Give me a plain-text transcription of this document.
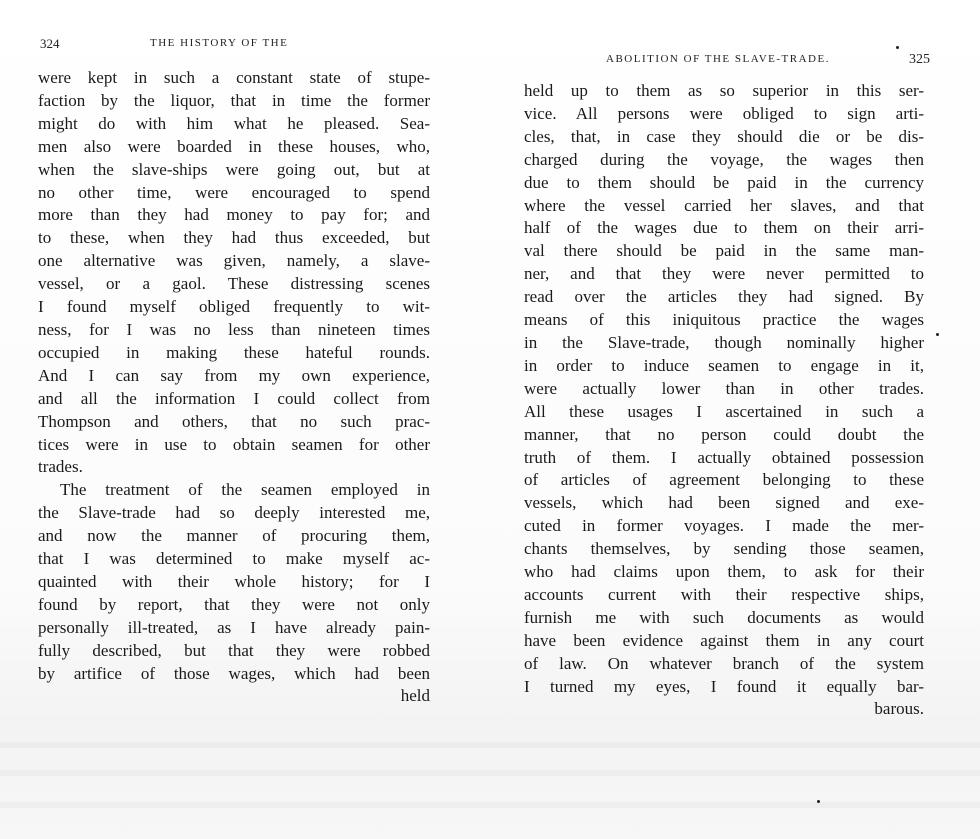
324	THE HISTORY OF THE
were kept in such a constant state of stupe-
faction by the liquor, that in time the former
might do with him what he pleased. Sea-
men also were boarded in these houses, who,
when the slave-ships were going out, but at
no other time, were encouraged to spend
more than they had money to pay for; and
to these, when they had thus exceeded, but
one alternative was given, namely, a slave-
vessel, or a gaol. These distressing scenes
I found myself obliged frequently to wit-
ness, for I was no less than nineteen times
occupied in making these hateful rounds.
And I can say from my own experience,
and all the information I could collect from
Thompson and others, that no such prac-
tices were in use to obtain seamen for other
trades.
The treatment of the seamen employed in
the Slave-trade had so deeply interested me,
and now the manner of procuring them,
that I was determined to make myself ac-
quainted with their whole history; for I
found by report, that they were not only
personally ill-treated, as I have already pain-
fully described, but that they were robbed
by artifice of those wages, which had been
held
ABOLITION OF THE SLAVE-TRADE.	325
held up to them as so superior in this ser-
vice. All persons were obliged to sign arti-
cles, that, in case they should die or be dis-
charged during the voyage, the wages then
due to them should be paid in the currency
where the vessel carried her slaves, and that
half of the wages due to them on their arri-
val there should be paid in the same man-
ner, and that they were never permitted to
read over the articles they had signed. By
means of this iniquitous practice the wages
in the Slave-trade, though nominally higher
in order to induce seamen to engage in it,
were actually lower than in other trades.
All these usages I ascertained in such a
manner, that no person could doubt the
truth of them. I actually obtained possession
of articles of agreement belonging to these
vessels, which had been signed and exe-
cuted in former voyages. I made the mer-
chants themselves, by sending those seamen,
who had claims upon them, to ask for their
accounts current with their respective ships,
furnish me with such documents as would
have been evidence against them in any court
of law. On whatever branch of the system
I turned my eyes, I found it equally bar-
barous.
